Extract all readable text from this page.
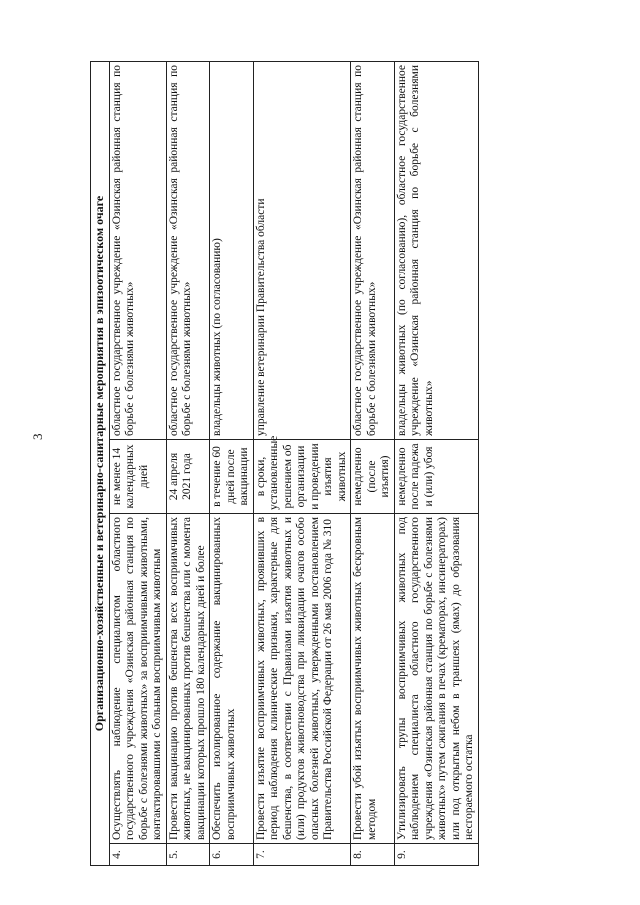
3	Организационно-хозяйственные и ветеринарно-санитарные мероприятия в эпизоотическом очаге			
4.	Осуществлять наблюдение специалистом областного государственного учреждения «Озинская районная станция по борьбе с болезнями животных» за восприимчивыми животными, контактировавшими с больным восприимчивым животным	не менее 14 календарных дней	областное государственное учреждение «Озинская районная станция по борьбе с болезнями животных»
5.	Провести вакцинацию против бешенства всех восприимчивых животных, не вакцинированных против бешенства или с момента вакцинации которых прошло 180 календарных дней и более	24 апреля 2021 года	областное государственное учреждение «Озинская районная станция по борьбе с болезнями животных»
6.	Обеспечить изолированное содержание вакцинированных восприимчивых животных	в течение 60 дней после вакцинации	владельцы животных (по согласованию)
7.	Провести изъятие восприимчивых животных, проявивших в период наблюдения клинические признаки, характерные для бешенства, в соответствии с Правилами изъятия животных и (или) продуктов животноводства при ликвидации очагов особо опасных болезней животных, утвержденными постановлением Правительства Российской Федерации от 26 мая 2006 года № 310	в сроки, установленные решением об организации и проведении изъятия животных	управление ветеринарии Правительства области
8.	Провести убой изъятых восприимчивых животных бескровным методом	немедленно (после изъятия)	областное государственное учреждение «Озинская районная станция по борьбе с болезнями животных»
9.	Утилизировать трупы восприимчивых животных под наблюдением специалиста областного государственного учреждения «Озинская районная станция по борьбе с болезнями животных» путем сжигания в печах (крематорах, инсинераторах) или под открытым небом в траншеях (ямах) до образования несгораемого остатка	немедленно после падежа и (или) убоя	владельцы животных (по согласованию), областное государственное учреждение «Озинская районная станция по борьбе с болезнями животных»
